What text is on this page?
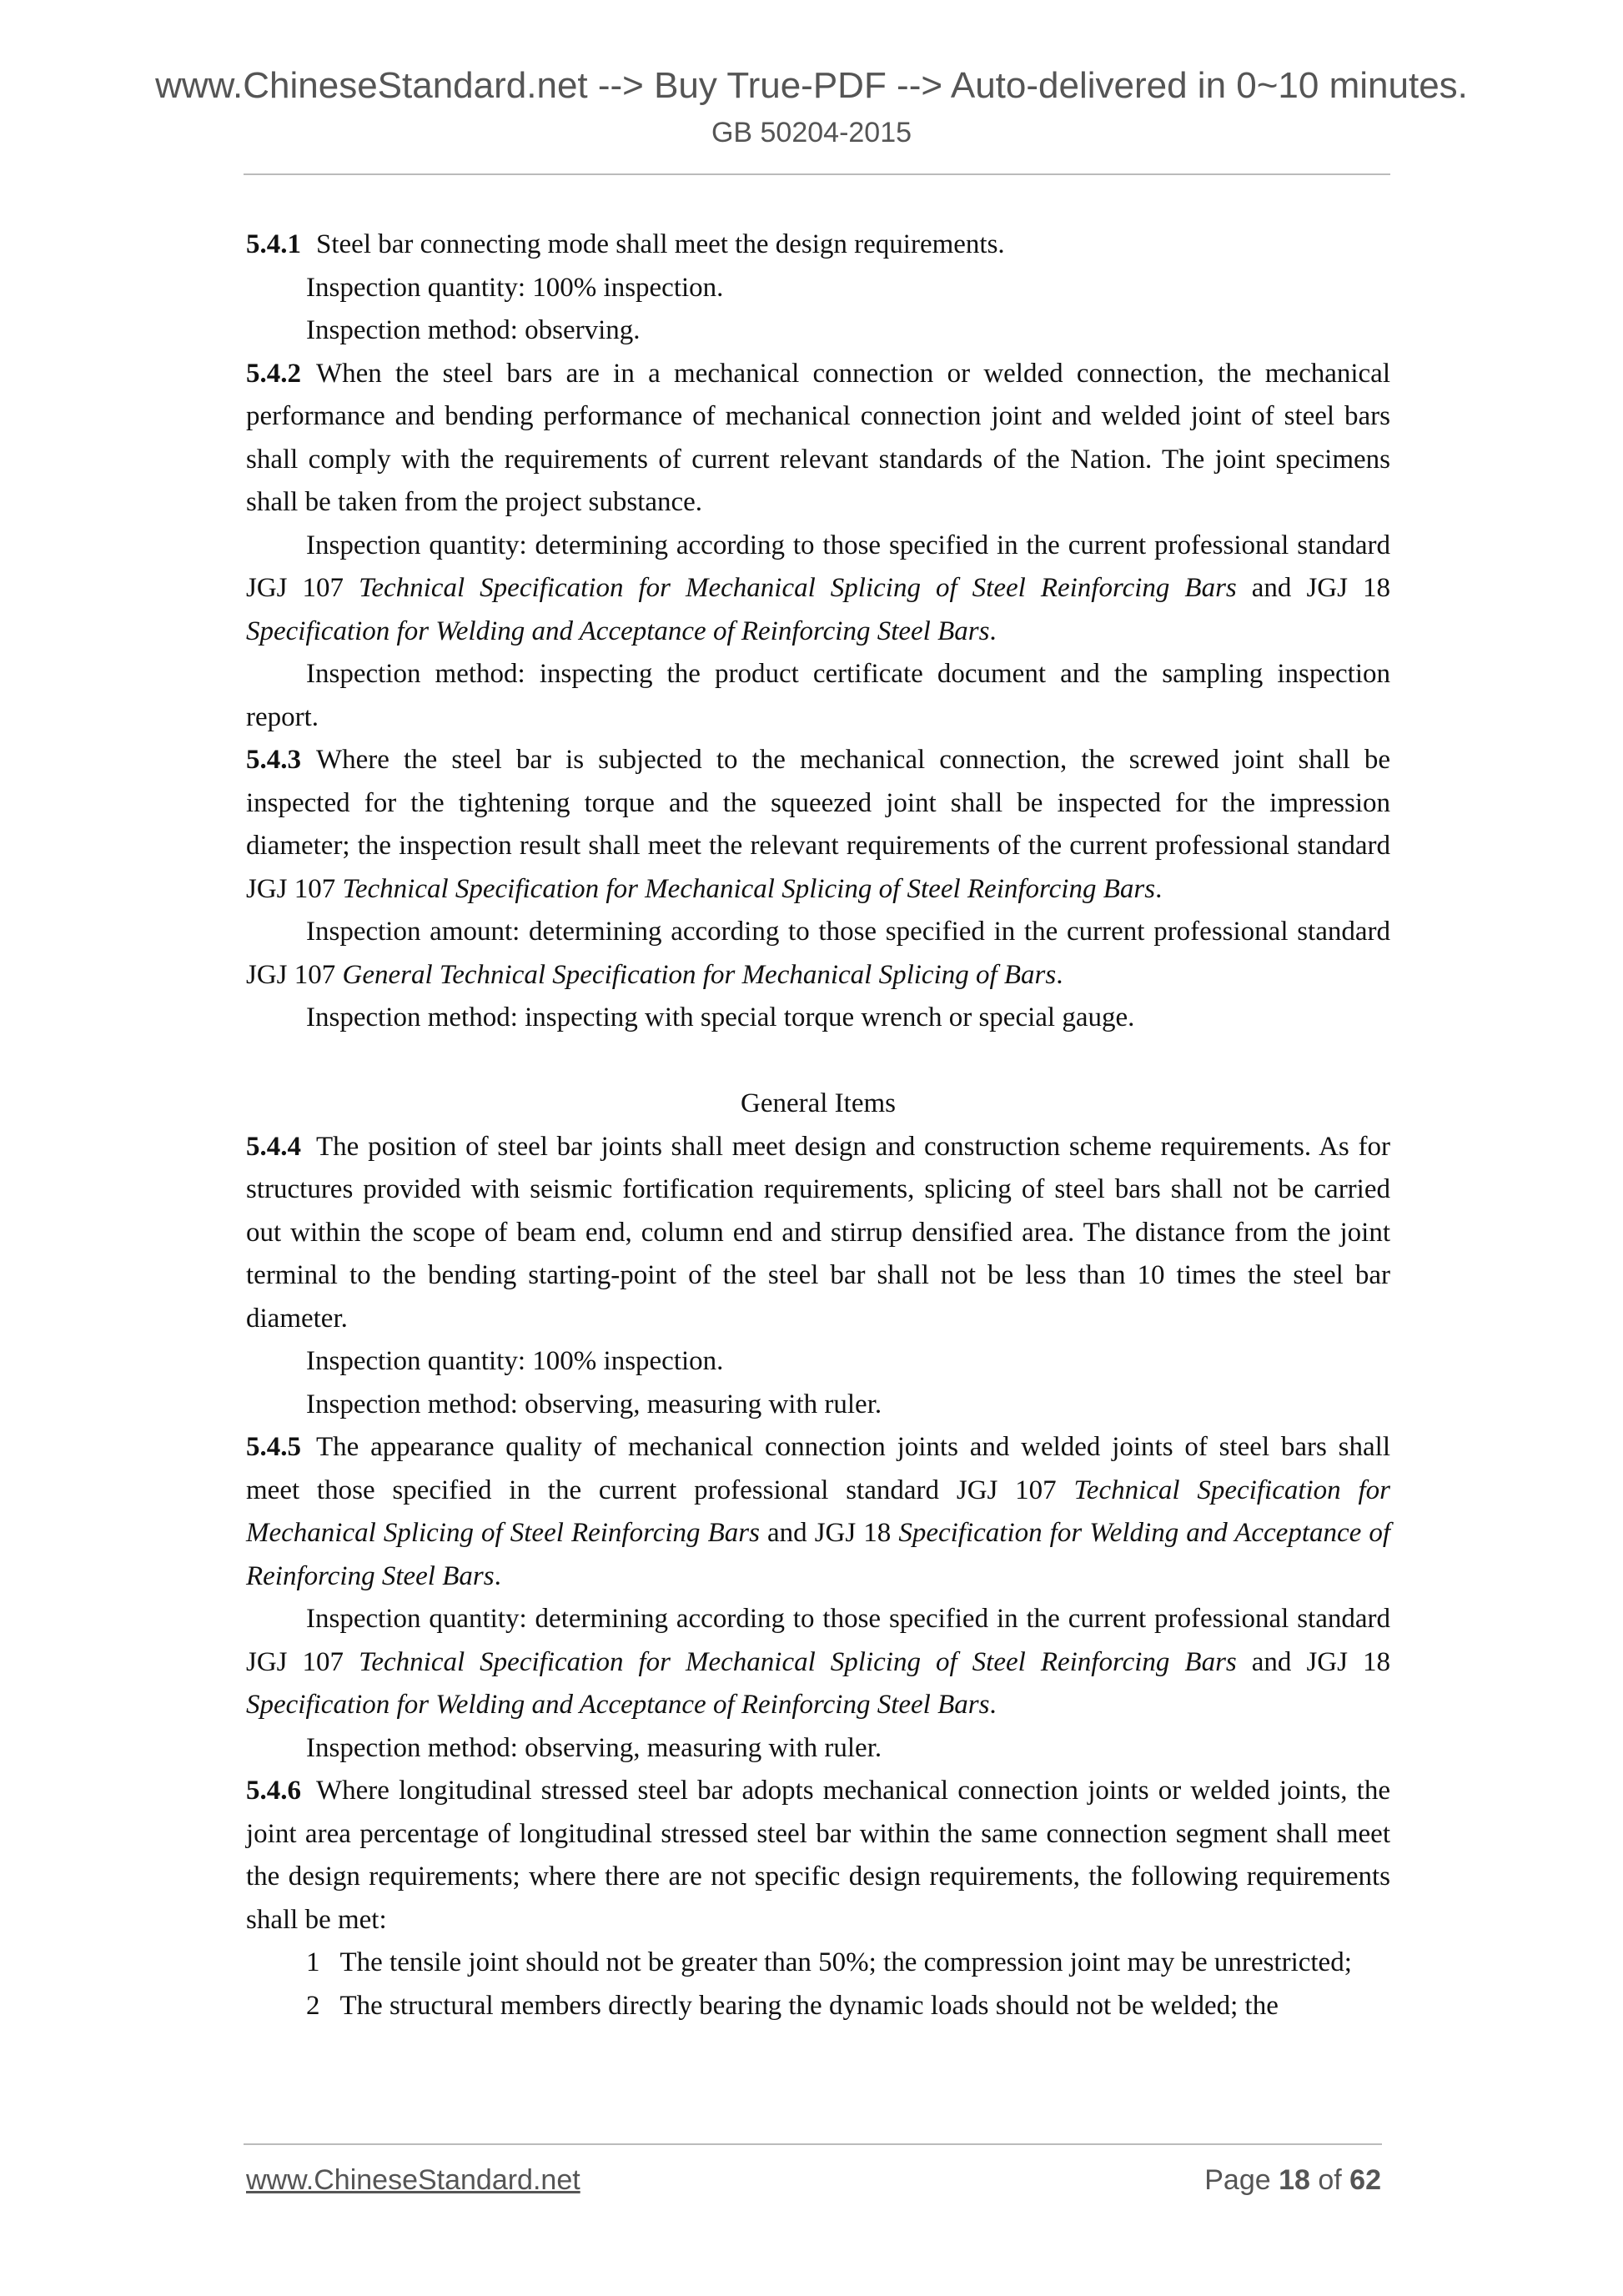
www.ChineseStandard.net --> Buy True-PDF --> Auto-delivered in 0~10 minutes.
GB 50204-2015

5.4.1 Steel bar connecting mode shall meet the design requirements.

Inspection quantity: 100% inspection.

Inspection method: observing.

5.4.2 When the steel bars are in a mechanical connection or welded connection, the mechanical performance and bending performance of mechanical connection joint and welded joint of steel bars shall comply with the requirements of current relevant standards of the Nation. The joint specimens shall be taken from the project substance.

Inspection quantity: determining according to those specified in the current professional standard JGJ 107 Technical Specification for Mechanical Splicing of Steel Reinforcing Bars and JGJ 18 Specification for Welding and Acceptance of Reinforcing Steel Bars.

Inspection method: inspecting the product certificate document and the sampling inspection report.

5.4.3 Where the steel bar is subjected to the mechanical connection, the screwed joint shall be inspected for the tightening torque and the squeezed joint shall be inspected for the impression diameter; the inspection result shall meet the relevant requirements of the current professional standard JGJ 107 Technical Specification for Mechanical Splicing of Steel Reinforcing Bars.

Inspection amount: determining according to those specified in the current professional standard JGJ 107 General Technical Specification for Mechanical Splicing of Bars.

Inspection method: inspecting with special torque wrench or special gauge.

General Items

5.4.4 The position of steel bar joints shall meet design and construction scheme requirements. As for structures provided with seismic fortification requirements, splicing of steel bars shall not be carried out within the scope of beam end, column end and stirrup densified area. The distance from the joint terminal to the bending starting-point of the steel bar shall not be less than 10 times the steel bar diameter.

Inspection quantity: 100% inspection.

Inspection method: observing, measuring with ruler.

5.4.5 The appearance quality of mechanical connection joints and welded joints of steel bars shall meet those specified in the current professional standard JGJ 107 Technical Specification for Mechanical Splicing of Steel Reinforcing Bars and JGJ 18 Specification for Welding and Acceptance of Reinforcing Steel Bars.

Inspection quantity: determining according to those specified in the current professional standard JGJ 107 Technical Specification for Mechanical Splicing of Steel Reinforcing Bars and JGJ 18 Specification for Welding and Acceptance of Reinforcing Steel Bars.

Inspection method: observing, measuring with ruler.

5.4.6 Where longitudinal stressed steel bar adopts mechanical connection joints or welded joints, the joint area percentage of longitudinal stressed steel bar within the same connection segment shall meet the design requirements; where there are not specific design requirements, the following requirements shall be met:

1 The tensile joint should not be greater than 50%; the compression joint may be unrestricted;

2 The structural members directly bearing the dynamic loads should not be welded; the

www.ChineseStandard.net	Page 18 of 62
